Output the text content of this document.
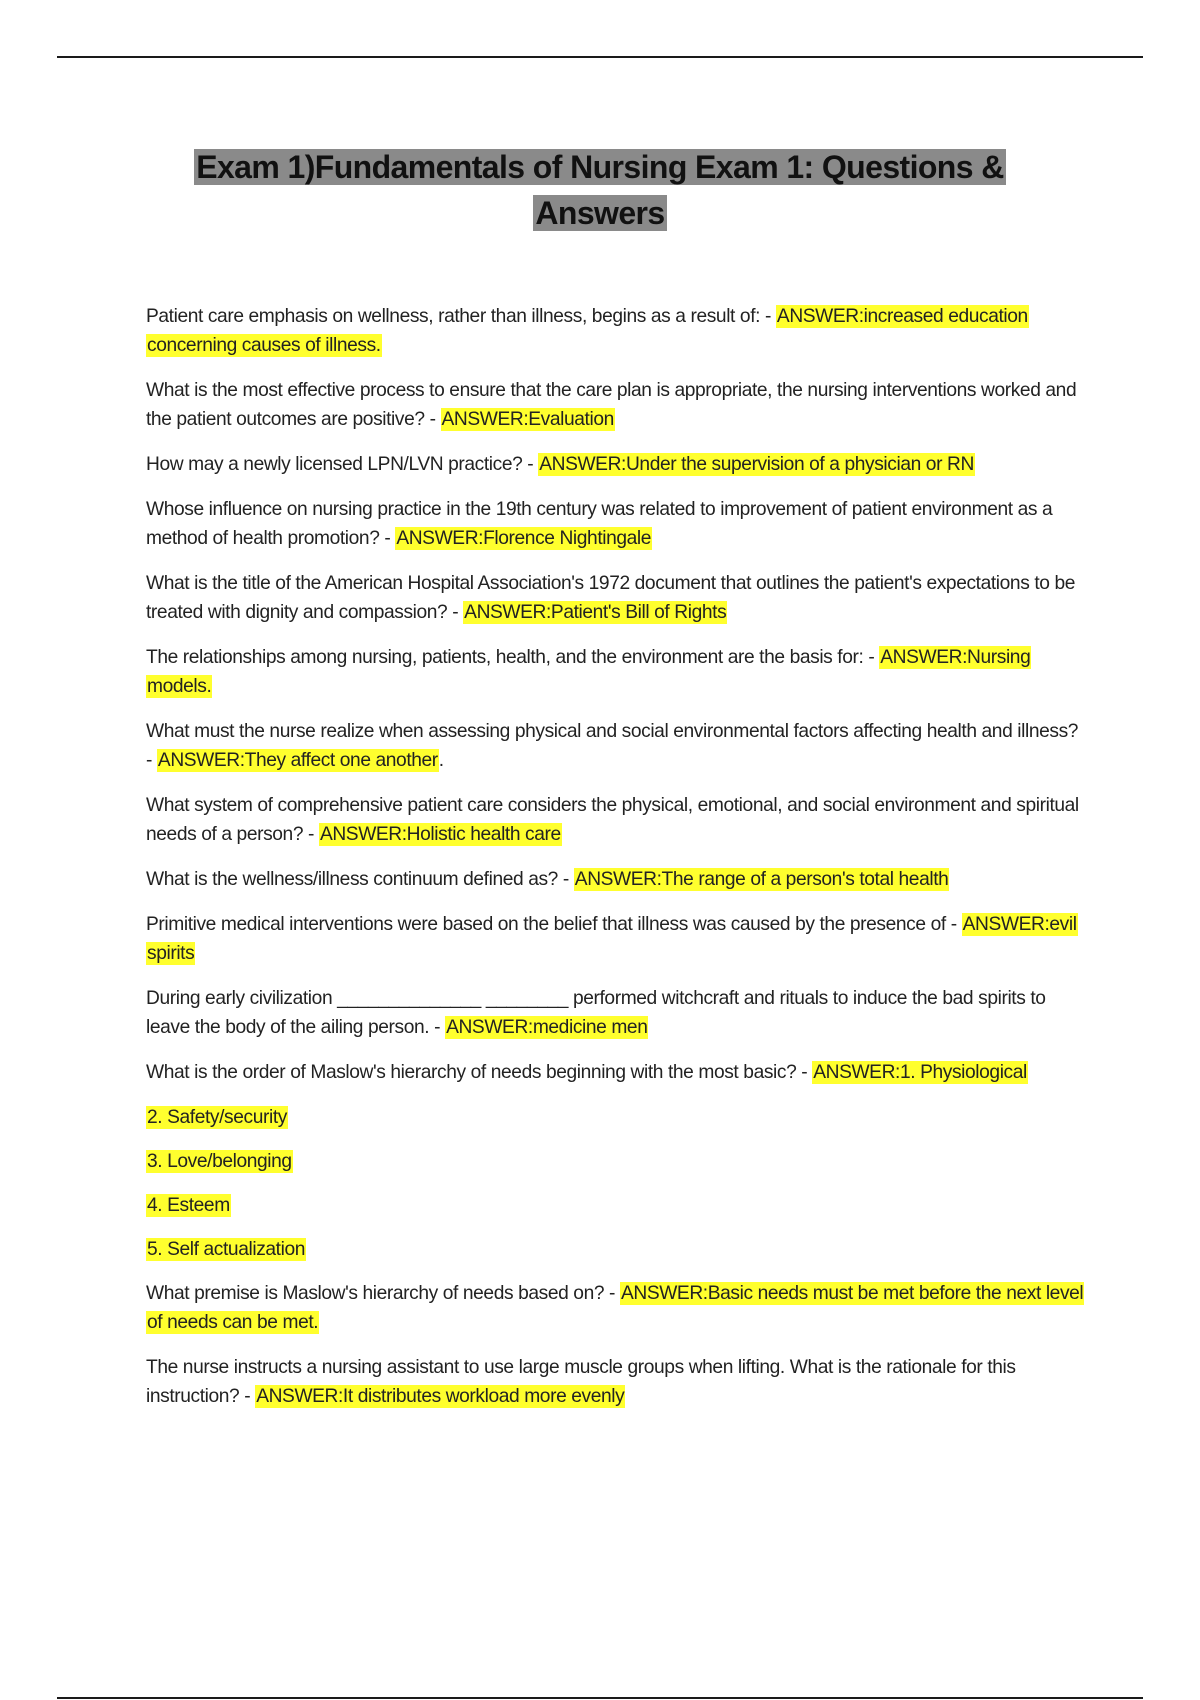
Exam 1)Fundamentals of Nursing Exam 1: Questions &
Answers

Patient care emphasis on wellness, rather than illness, begins as a result of: - ANSWER:increased education concerning causes of illness.

What is the most effective process to ensure that the care plan is appropriate, the nursing interventions worked and the patient outcomes are positive? - ANSWER:Evaluation

How may a newly licensed LPN/LVN practice? - ANSWER:Under the supervision of a physician or RN

Whose influence on nursing practice in the 19th century was related to improvement of patient environment as a method of health promotion? - ANSWER:Florence Nightingale

What is the title of the American Hospital Association's 1972 document that outlines the patient's expectations to be treated with dignity and compassion? - ANSWER:Patient's Bill of Rights

The relationships among nursing, patients, health, and the environment are the basis for: - ANSWER:Nursing models.

What must the nurse realize when assessing physical and social environmental factors affecting health and illness? - ANSWER:They affect one another.

What system of comprehensive patient care considers the physical, emotional, and social environment and spiritual needs of a person? - ANSWER:Holistic health care

What is the wellness/illness continuum defined as? - ANSWER:The range of a person's total health

Primitive medical interventions were based on the belief that illness was caused by the presence of - ANSWER:evil spirits

During early civilization ______________ ________ performed witchcraft and rituals to induce the bad spirits to leave the body of the ailing person. - ANSWER:medicine men

What is the order of Maslow's hierarchy of needs beginning with the most basic? - ANSWER:1. Physiological

2. Safety/security

3. Love/belonging

4. Esteem

5. Self actualization

What premise is Maslow's hierarchy of needs based on? - ANSWER:Basic needs must be met before the next level of needs can be met.

The nurse instructs a nursing assistant to use large muscle groups when lifting. What is the rationale for this instruction? - ANSWER:It distributes workload more evenly
